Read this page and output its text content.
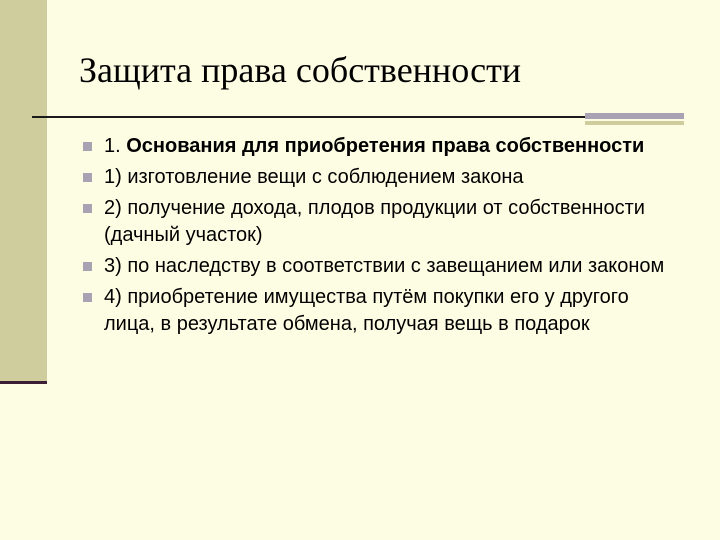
Защита права собственности
1. Основания для приобретения права собственности
1) изготовление вещи с соблюдением закона
2) получение дохода, плодов продукции от собственности (дачный участок)
3) по наследству в соответствии с завещанием или законом
4) приобретение имущества путём покупки его у другого лица, в результате обмена, получая вещь в подарок
